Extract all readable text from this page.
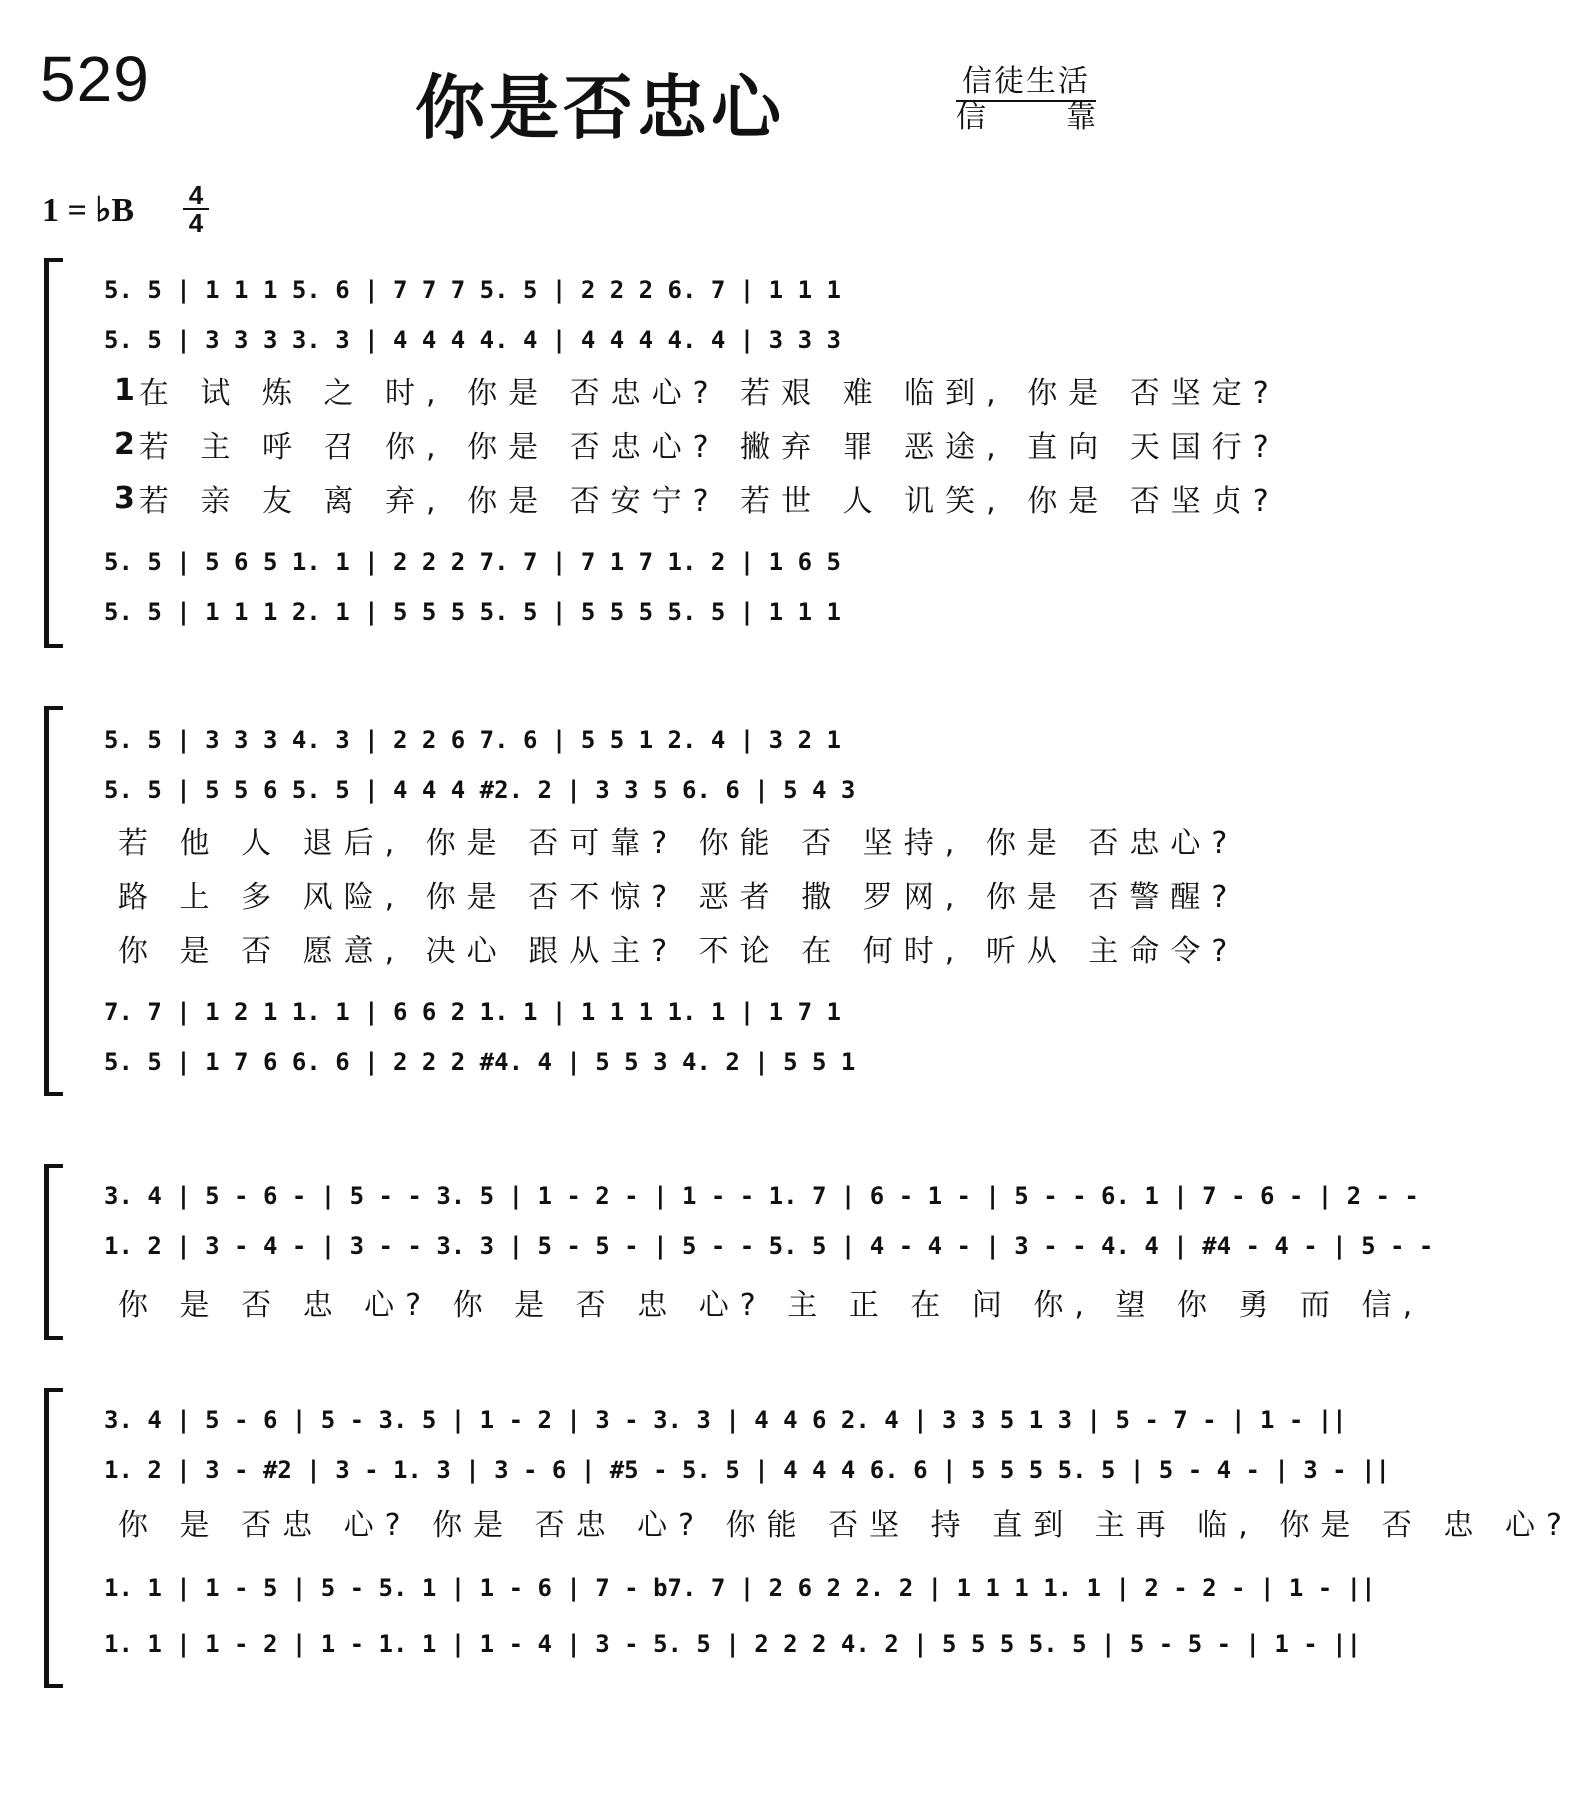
529	你是否忠心	信徒生活
信	靠
1 = ♭B 4
4
5. 5 | 1 1 1 5. 6 | 7 7 7 5. 5 | 2 2 2 6. 7 | 1 1 1
5. 5 | 3 3 3 3. 3 | 4 4 4 4. 4 | 4 4 4 4. 4 | 3 3 3
1 在 试 炼 之 时, 你是 否忠心? 若艰 难 临到, 你是 否坚定?
2 若 主 呼 召 你, 你是 否忠心? 撇弃 罪 恶途, 直向 天国行?
3 若 亲 友 离 弃, 你是 否安宁? 若世 人 讥笑, 你是 否坚贞?
5. 5 | 5 6 5 1. 1 | 2 2 2 7. 7 | 7 1 7 1. 2 | 1 6 5
5. 5 | 1 1 1 2. 1 | 5 5 5 5. 5 | 5 5 5 5. 5 | 1 1 1
5. 5 | 3 3 3 4. 3 | 2 2 6 7. 6 | 5 5 1 2. 4 | 3 2 1
5. 5 | 5 5 6 5. 5 | 4 4 4 #2. 2 | 3 3 5 6. 6 | 5 4 3
若 他 人 退后, 你是 否可靠? 你能 否 坚持, 你是 否忠心?
路 上 多 风险, 你是 否不惊? 恶者 撒 罗网, 你是 否警醒?
你 是 否 愿意, 决心 跟从主? 不论 在 何时, 听从 主命令?
7. 7 | 1 2 1 1. 1 | 6 6 2 1. 1 | 1 1 1 1. 1 | 1 7 1
5. 5 | 1 7 6 6. 6 | 2 2 2 #4. 4 | 5 5 3 4. 2 | 5 5 1
3. 4 | 5 - 6 - | 5 - - 3. 5 | 1 - 2 - | 1 - - 1. 7 | 6 - 1 - | 5 - - 6. 1 | 7 - 6 - | 2 - -
1. 2 | 3 - 4 - | 3 - - 3. 3 | 5 - 5 - | 5 - - 5. 5 | 4 - 4 - | 3 - - 4. 4 | #4 - 4 - | 5 - -
你 是 否 忠 心? 你 是 否 忠 心? 主 正 在 问 你, 望 你 勇 而 信,
3. 4 | 5 - 6 | 5 - 3. 5 | 1 - 2 | 3 - 3. 3 | 4 4 6 2. 4 | 3 3 5 1 3 | 5 - 7 - | 1 - ||
1. 2 | 3 - #2 | 3 - 1. 3 | 3 - 6 | #5 - 5. 5 | 4 4 4 6. 6 | 5 5 5 5. 5 | 5 - 4 - | 3 - ||
你 是 否忠 心? 你是 否忠 心? 你能 否坚 持 直到 主再 临, 你是 否 忠 心?
1. 1 | 1 - 5 | 5 - 5. 1 | 1 - 6 | 7 - b7. 7 | 2 6 2 2. 2 | 1 1 1 1. 1 | 2 - 2 - | 1 - ||
1. 1 | 1 - 2 | 1 - 1. 1 | 1 - 4 | 3 - 5. 5 | 2 2 2 4. 2 | 5 5 5 5. 5 | 5 - 5 - | 1 - ||
